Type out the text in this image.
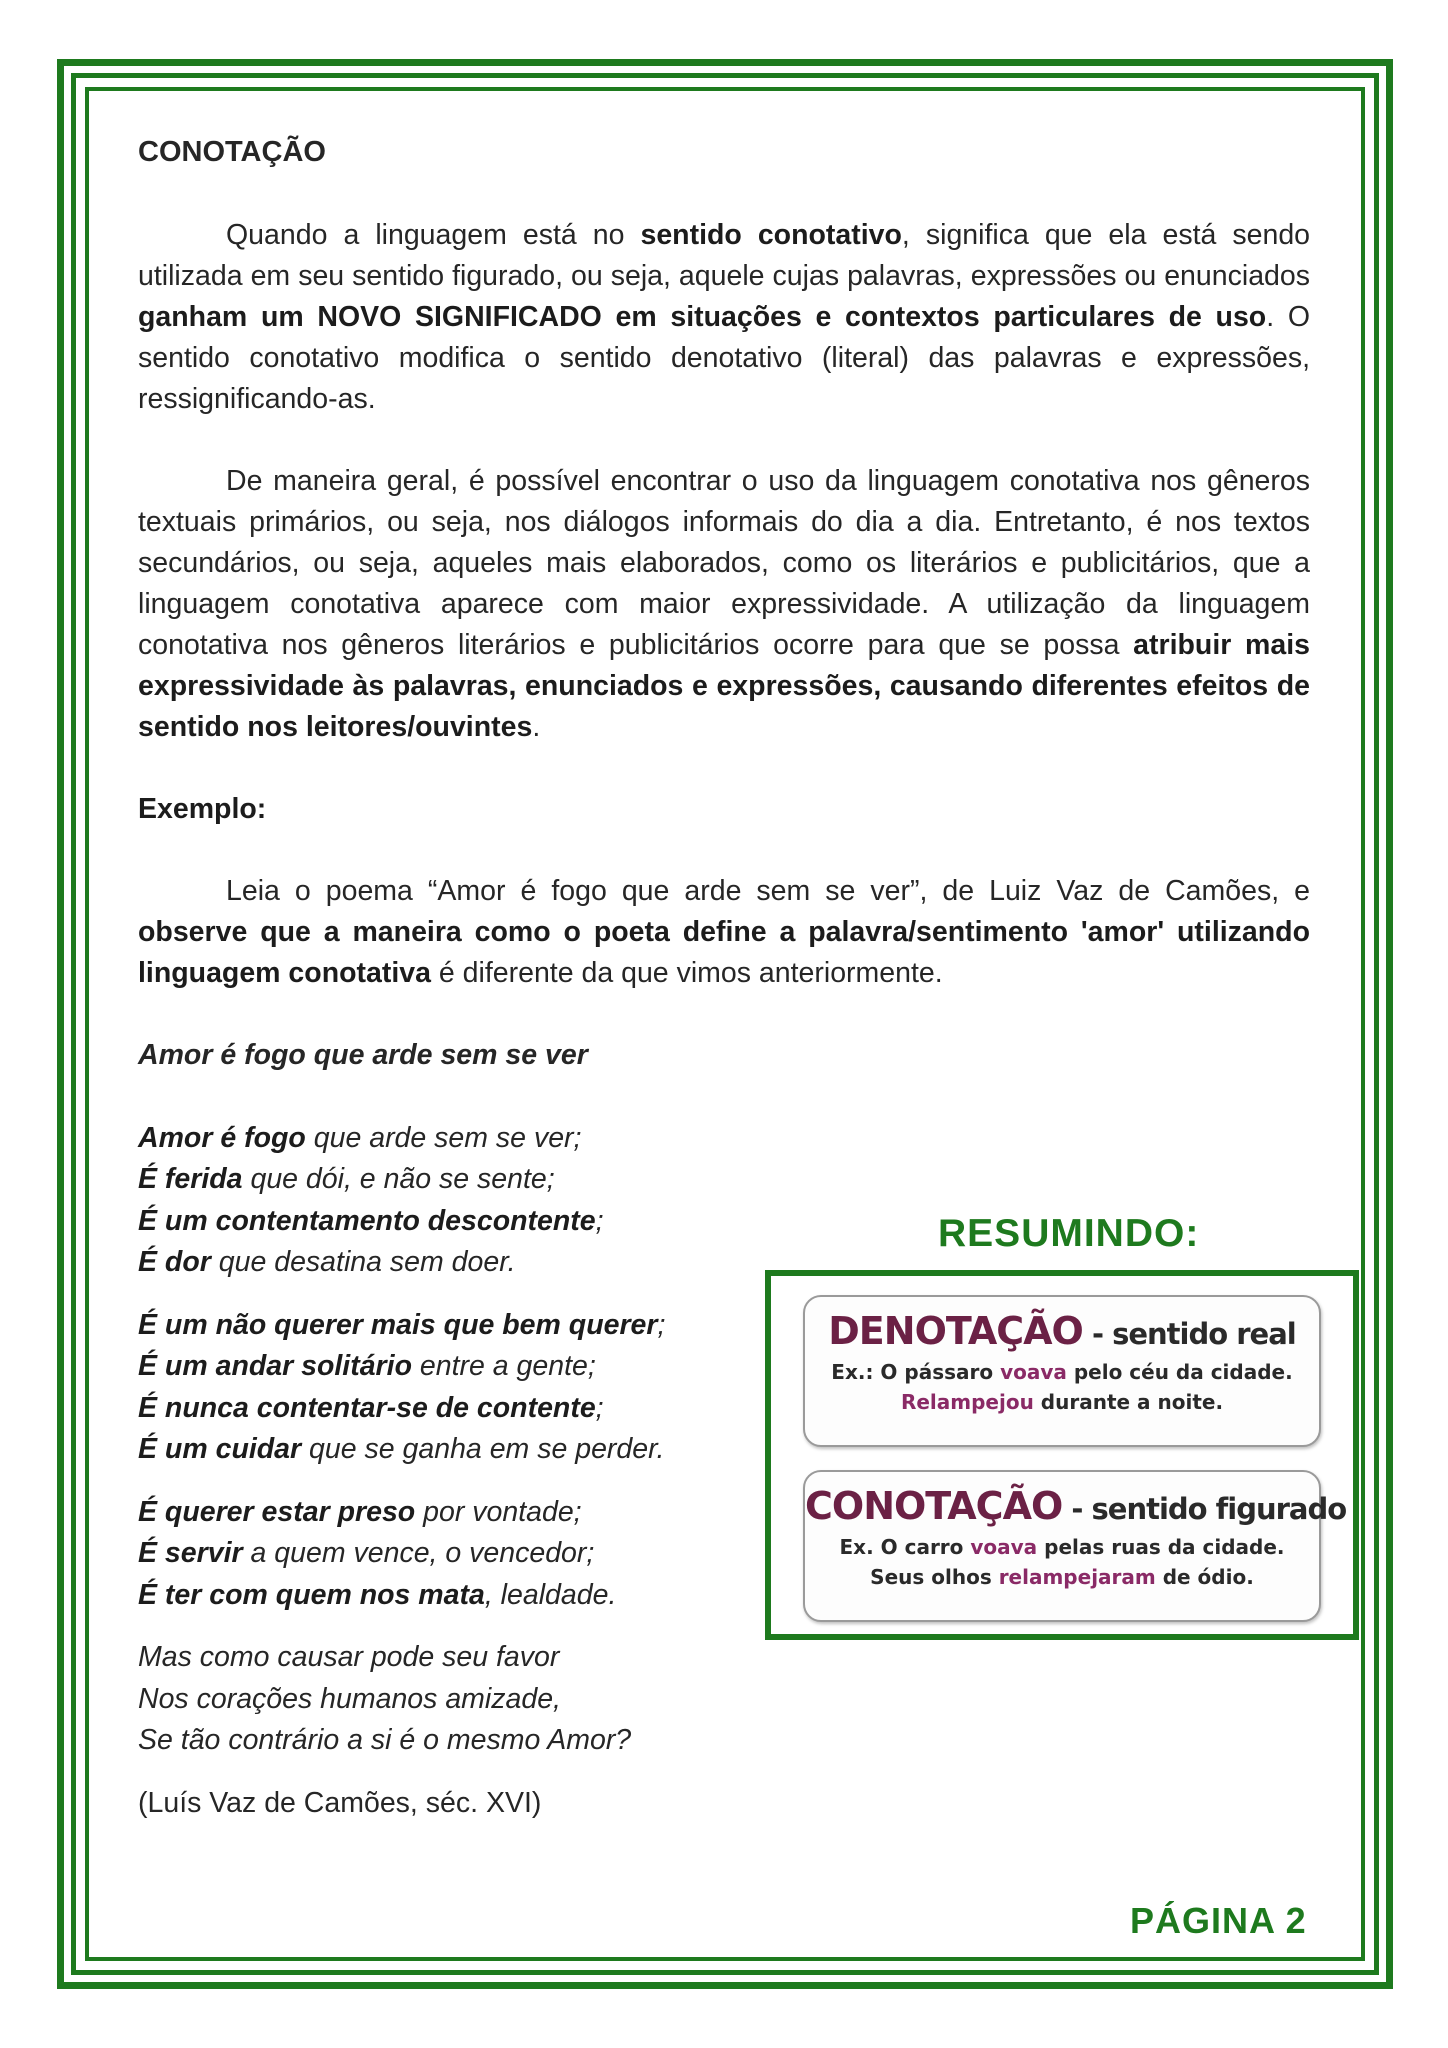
CONOTAÇÃO

Quando a linguagem está no sentido conotativo, significa que ela está sendo utilizada em seu sentido figurado, ou seja, aquele cujas palavras, expressões ou enunciados ganham um NOVO SIGNIFICADO em situações e contextos particulares de uso. O sentido conotativo modifica o sentido denotativo (literal) das palavras e expressões, ressignificando-as.

De maneira geral, é possível encontrar o uso da linguagem conotativa nos gêneros textuais primários, ou seja, nos diálogos informais do dia a dia. Entretanto, é nos textos secundários, ou seja, aqueles mais elaborados, como os literários e publicitários, que a linguagem conotativa aparece com maior expressividade. A utilização da linguagem conotativa nos gêneros literários e publicitários ocorre para que se possa atribuir mais expressividade às palavras, enunciados e expressões, causando diferentes efeitos de sentido nos leitores/ouvintes.

Exemplo:

Leia o poema “Amor é fogo que arde sem se ver”, de Luiz Vaz de Camões, e observe que a maneira como o poeta define a palavra/sentimento 'amor' utilizando linguagem conotativa é diferente da que vimos anteriormente.

Amor é fogo que arde sem se ver

Amor é fogo que arde sem se ver;
É ferida que dói, e não se sente;
É um contentamento descontente;
É dor que desatina sem doer.
É um não querer mais que bem querer;
É um andar solitário entre a gente;
É nunca contentar-se de contente;
É um cuidar que se ganha em se perder.
É querer estar preso por vontade;
É servir a quem vence, o vencedor;
É ter com quem nos mata, lealdade.
Mas como causar pode seu favor
Nos corações humanos amizade,
Se tão contrário a si é o mesmo Amor?

(Luís Vaz de Camões, séc. XVI)

RESUMINDO:
DENOTAÇÃO - sentido real
Ex.: O pássaro voava pelo céu da cidade.
Relampejou durante a noite.
CONOTAÇÃO - sentido figurado
Ex. O carro voava pelas ruas da cidade.
Seus olhos relampejaram de ódio.
PÁGINA 2
